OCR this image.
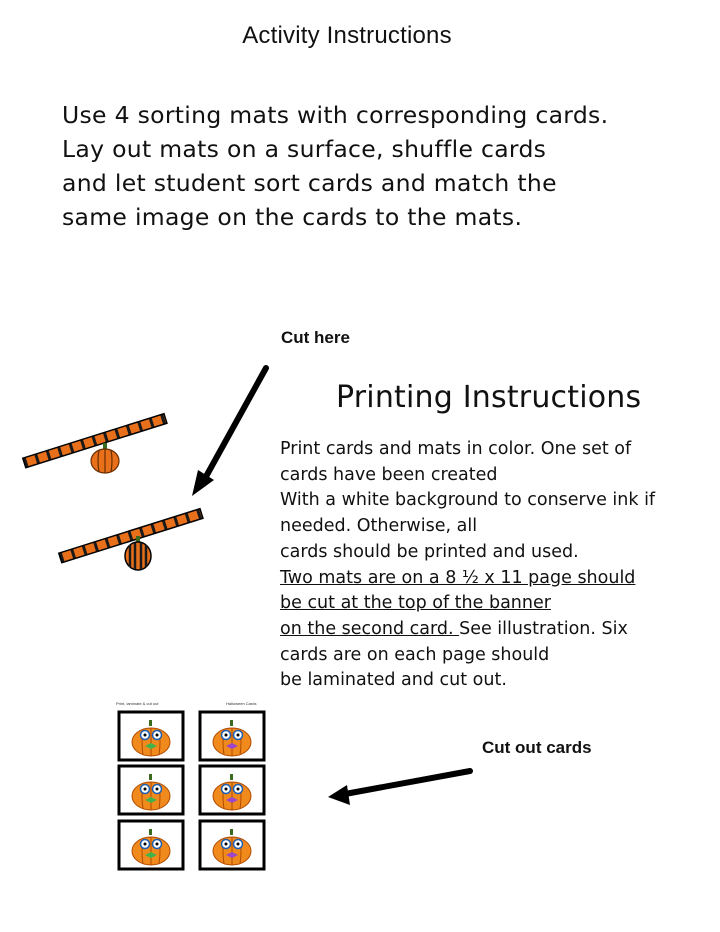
Activity Instructions
Use 4 sorting mats with corresponding cards.
Lay out mats on a surface, shuffle cards
and let student sort cards and match the
same image on the cards to the mats.
Cut here
Printing Instructions
Print cards and mats in color. One set of
cards have been created
With a white background to conserve ink if
needed. Otherwise, all
cards should be printed and used.
Two mats are on a 8 ½ x 11 page should
be cut at the top of the banner
on the second card. See illustration. Six
cards are on each page should
be laminated and cut out.
Cut out cards
Print, laminate & cut out	Halloween Cards
